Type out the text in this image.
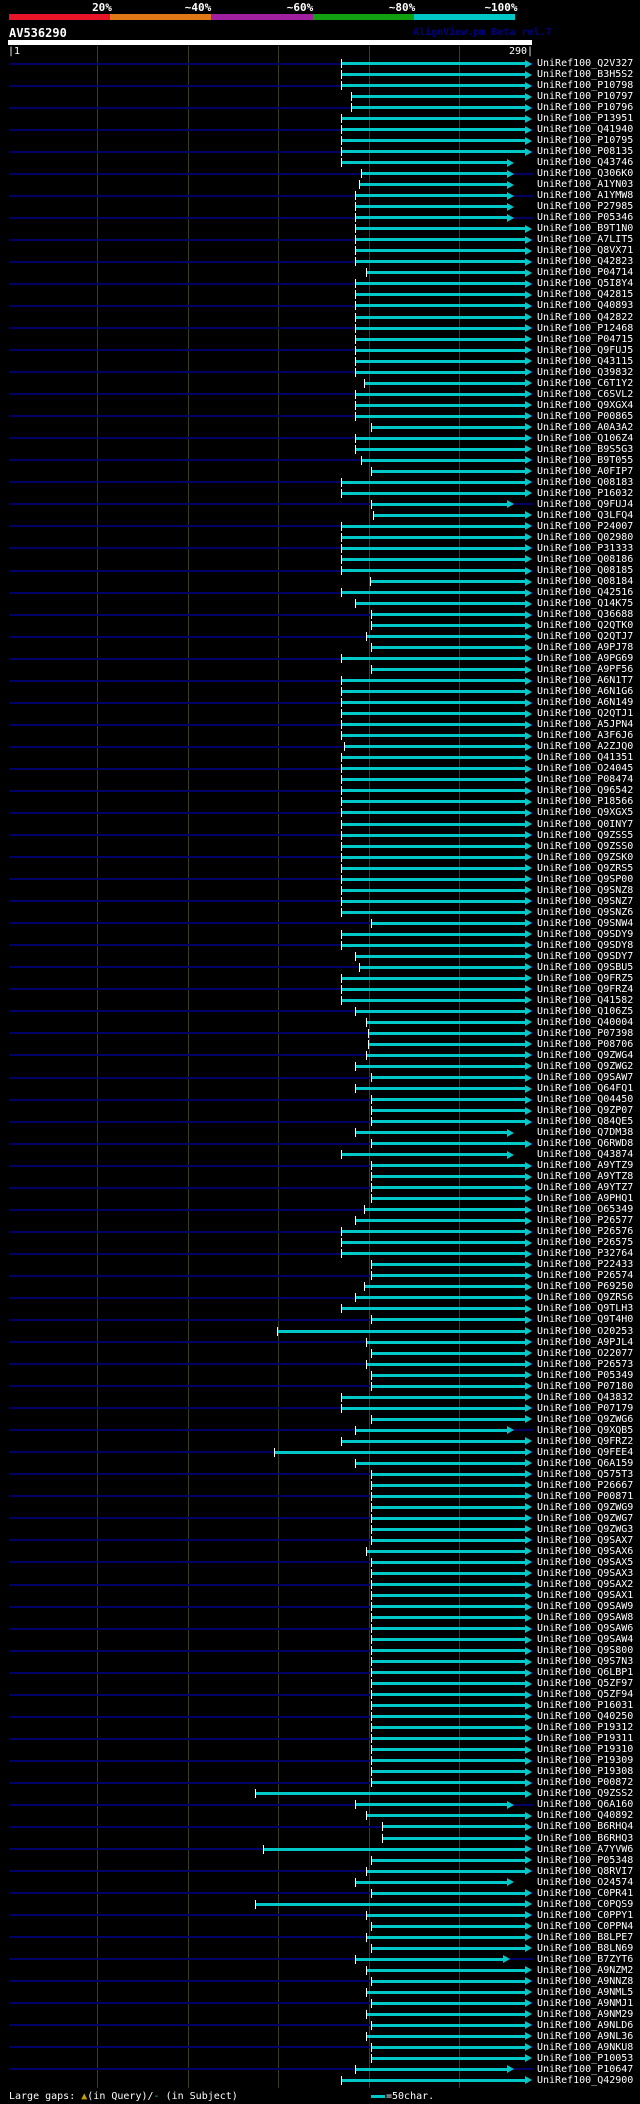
20%	~40%	~60%	~80%	~100%
AV536290	AlignView.pm Beta rel.7
|1	290|
UniRef100_Q2V327
UniRef100_B3H5S2
UniRef100_P10798
UniRef100_P10797
UniRef100_P10796
UniRef100_P13951
UniRef100_Q41940
UniRef100_P10795
UniRef100_P08135
UniRef100_Q43746
UniRef100_Q306K0
UniRef100_A1YN03
UniRef100_A1YMW8
UniRef100_P27985
UniRef100_P05346
UniRef100_B9T1N0
UniRef100_A7LIT5
UniRef100_Q8VX71
UniRef100_Q42823
UniRef100_P04714
UniRef100_Q5I8Y4
UniRef100_Q42815
UniRef100_Q40893
UniRef100_Q42822
UniRef100_P12468
UniRef100_P04715
UniRef100_Q9FUJ5
UniRef100_Q43115
UniRef100_Q39832
UniRef100_C6T1Y2
UniRef100_C6SVL2
UniRef100_Q9XGX4
UniRef100_P00865
UniRef100_A0A3A2
UniRef100_Q106Z4
UniRef100_B9S5G3
UniRef100_B9T055
UniRef100_A0FIP7
UniRef100_Q08183
UniRef100_P16032
UniRef100_Q9FUJ4
UniRef100_Q3LFQ4
UniRef100_P24007
UniRef100_Q02980
UniRef100_P31333
UniRef100_Q08186
UniRef100_Q08185
UniRef100_Q08184
UniRef100_Q42516
UniRef100_Q14K75
UniRef100_Q36688
UniRef100_Q2QTK0
UniRef100_Q2QTJ7
UniRef100_A9PJ78
UniRef100_A9PG69
UniRef100_A9PF56
UniRef100_A6N1T7
UniRef100_A6N1G6
UniRef100_A6N149
UniRef100_Q2QTJ1
UniRef100_A5JPN4
UniRef100_A3F6J6
UniRef100_A2ZJQ0
UniRef100_Q41351
UniRef100_O24045
UniRef100_P08474
UniRef100_Q96542
UniRef100_P18566
UniRef100_Q9XGX5
UniRef100_Q0INY7
UniRef100_Q9ZSS5
UniRef100_Q9ZSS0
UniRef100_Q9ZSK0
UniRef100_Q9ZRS5
UniRef100_Q9SP00
UniRef100_Q9SNZ8
UniRef100_Q9SNZ7
UniRef100_Q9SNZ6
UniRef100_Q9SNW4
UniRef100_Q9SDY9
UniRef100_Q9SDY8
UniRef100_Q9SDY7
UniRef100_Q9SBU5
UniRef100_Q9FRZ5
UniRef100_Q9FRZ4
UniRef100_Q41582
UniRef100_Q106Z5
UniRef100_Q40004
UniRef100_P07398
UniRef100_P08706
UniRef100_Q9ZWG4
UniRef100_Q9ZWG2
UniRef100_Q9SAW7
UniRef100_Q64FQ1
UniRef100_Q04450
UniRef100_Q9ZP07
UniRef100_Q84QE5
UniRef100_Q7DM38
UniRef100_Q6RWD8
UniRef100_Q43874
UniRef100_A9YTZ9
UniRef100_A9YTZ8
UniRef100_A9YTZ7
UniRef100_A9PHQ1
UniRef100_O65349
UniRef100_P26577
UniRef100_P26576
UniRef100_P26575
UniRef100_P32764
UniRef100_P22433
UniRef100_P26574
UniRef100_P69250
UniRef100_Q9ZRS6
UniRef100_Q9TLH3
UniRef100_Q9T4H0
UniRef100_O20253
UniRef100_A9PJL4
UniRef100_O22077
UniRef100_P26573
UniRef100_P05349
UniRef100_P07180
UniRef100_Q43832
UniRef100_P07179
UniRef100_Q9ZWG6
UniRef100_Q9XQB5
UniRef100_Q9FRZ2
UniRef100_Q9FEE4
UniRef100_Q6A159
UniRef100_Q575T3
UniRef100_P26667
UniRef100_P00871
UniRef100_Q9ZWG9
UniRef100_Q9ZWG7
UniRef100_Q9ZWG3
UniRef100_Q9SAX7
UniRef100_Q9SAX6
UniRef100_Q9SAX5
UniRef100_Q9SAX3
UniRef100_Q9SAX2
UniRef100_Q9SAX1
UniRef100_Q9SAW9
UniRef100_Q9SAW8
UniRef100_Q9SAW6
UniRef100_Q9SAW4
UniRef100_Q9S800
UniRef100_Q9S7N3
UniRef100_Q6LBP1
UniRef100_Q5ZF97
UniRef100_Q5ZF94
UniRef100_P16031
UniRef100_Q40250
UniRef100_P19312
UniRef100_P19311
UniRef100_P19310
UniRef100_P19309
UniRef100_P19308
UniRef100_P00872
UniRef100_Q9ZSS2
UniRef100_Q6A160
UniRef100_Q40892
UniRef100_B6RHQ4
UniRef100_B6RHQ3
UniRef100_A7YVW6
UniRef100_P05348
UniRef100_Q8RVI7
UniRef100_O24574
UniRef100_C0PR41
UniRef100_C0PQS9
UniRef100_C0PPY1
UniRef100_C0PPN4
UniRef100_B8LPE7
UniRef100_B8LN69
UniRef100_B7ZYT6
UniRef100_A9NZM2
UniRef100_A9NNZ8
UniRef100_A9NML5
UniRef100_A9NMJ1
UniRef100_A9NM29
UniRef100_A9NLD6
UniRef100_A9NL36
UniRef100_A9NKU8
UniRef100_P10053
UniRef100_P10647
UniRef100_Q42900
Large gaps: ▲(in Query)/- (in Subject)	=50char.
